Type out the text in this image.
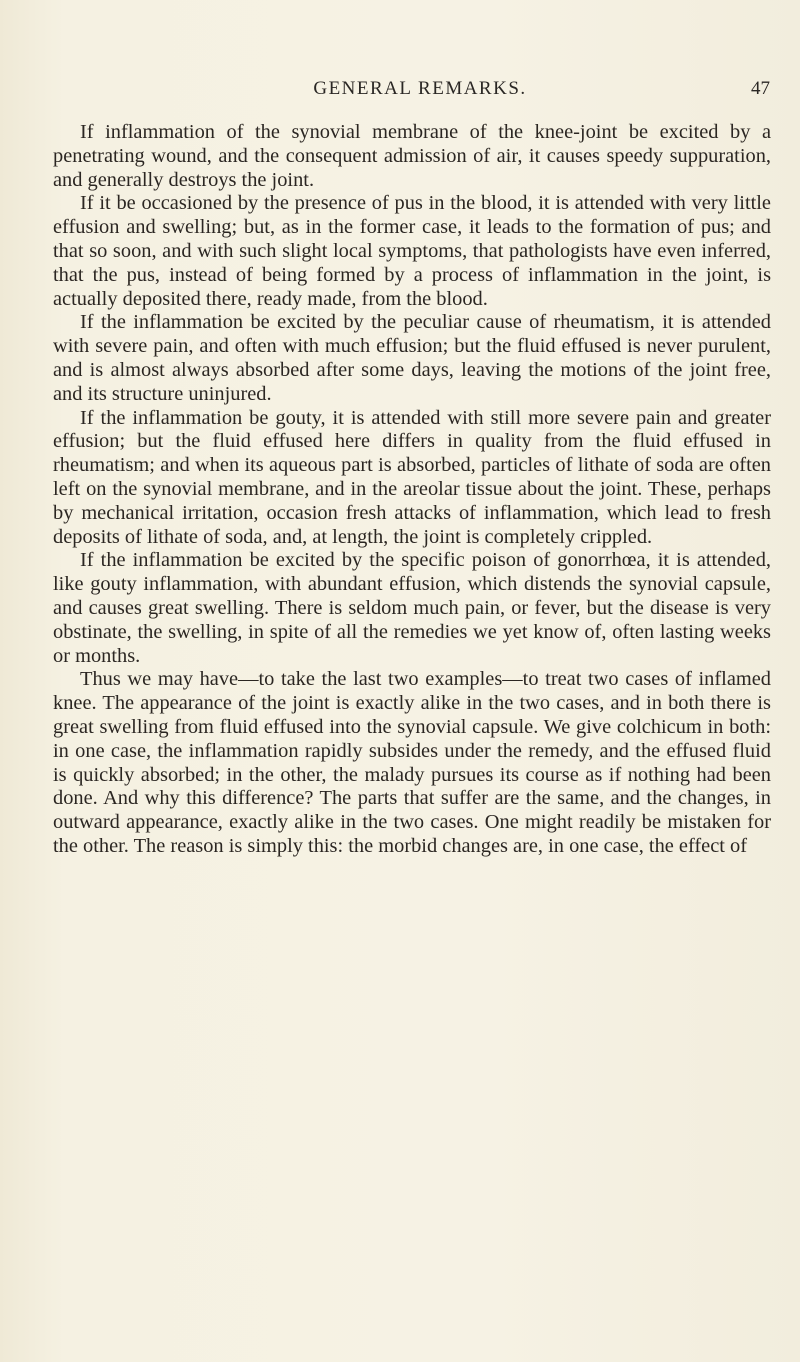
GENERAL REMARKS.	47

If inflammation of the synovial membrane of the knee-joint be excited by a penetrating wound, and the consequent admission of air, it causes speedy suppuration, and generally destroys the joint.

If it be occasioned by the presence of pus in the blood, it is attended with very little effusion and swelling; but, as in the former case, it leads to the formation of pus; and that so soon, and with such slight local symptoms, that pathologists have even inferred, that the pus, instead of being formed by a process of inflammation in the joint, is actually deposited there, ready made, from the blood.

If the inflammation be excited by the peculiar cause of rheumatism, it is attended with severe pain, and often with much effusion; but the fluid effused is never purulent, and is almost always absorbed after some days, leaving the motions of the joint free, and its structure uninjured.

If the inflammation be gouty, it is attended with still more severe pain and greater effusion; but the fluid effused here differs in quality from the fluid effused in rheumatism; and when its aqueous part is absorbed, particles of lithate of soda are often left on the synovial membrane, and in the areolar tissue about the joint. These, perhaps by mechanical irritation, occasion fresh attacks of inflammation, which lead to fresh deposits of lithate of soda, and, at length, the joint is completely crippled.

If the inflammation be excited by the specific poison of gonorrhœa, it is attended, like gouty inflammation, with abundant effusion, which distends the synovial capsule, and causes great swelling. There is seldom much pain, or fever, but the disease is very obstinate, the swelling, in spite of all the remedies we yet know of, often lasting weeks or months.

Thus we may have—to take the last two examples—to treat two cases of inflamed knee. The appearance of the joint is exactly alike in the two cases, and in both there is great swelling from fluid effused into the synovial capsule. We give colchicum in both: in one case, the inflammation rapidly subsides under the remedy, and the effused fluid is quickly absorbed; in the other, the malady pursues its course as if nothing had been done. And why this difference? The parts that suffer are the same, and the changes, in outward appearance, exactly alike in the two cases. One might readily be mistaken for the other. The reason is simply this: the morbid changes are, in one case, the effect of
